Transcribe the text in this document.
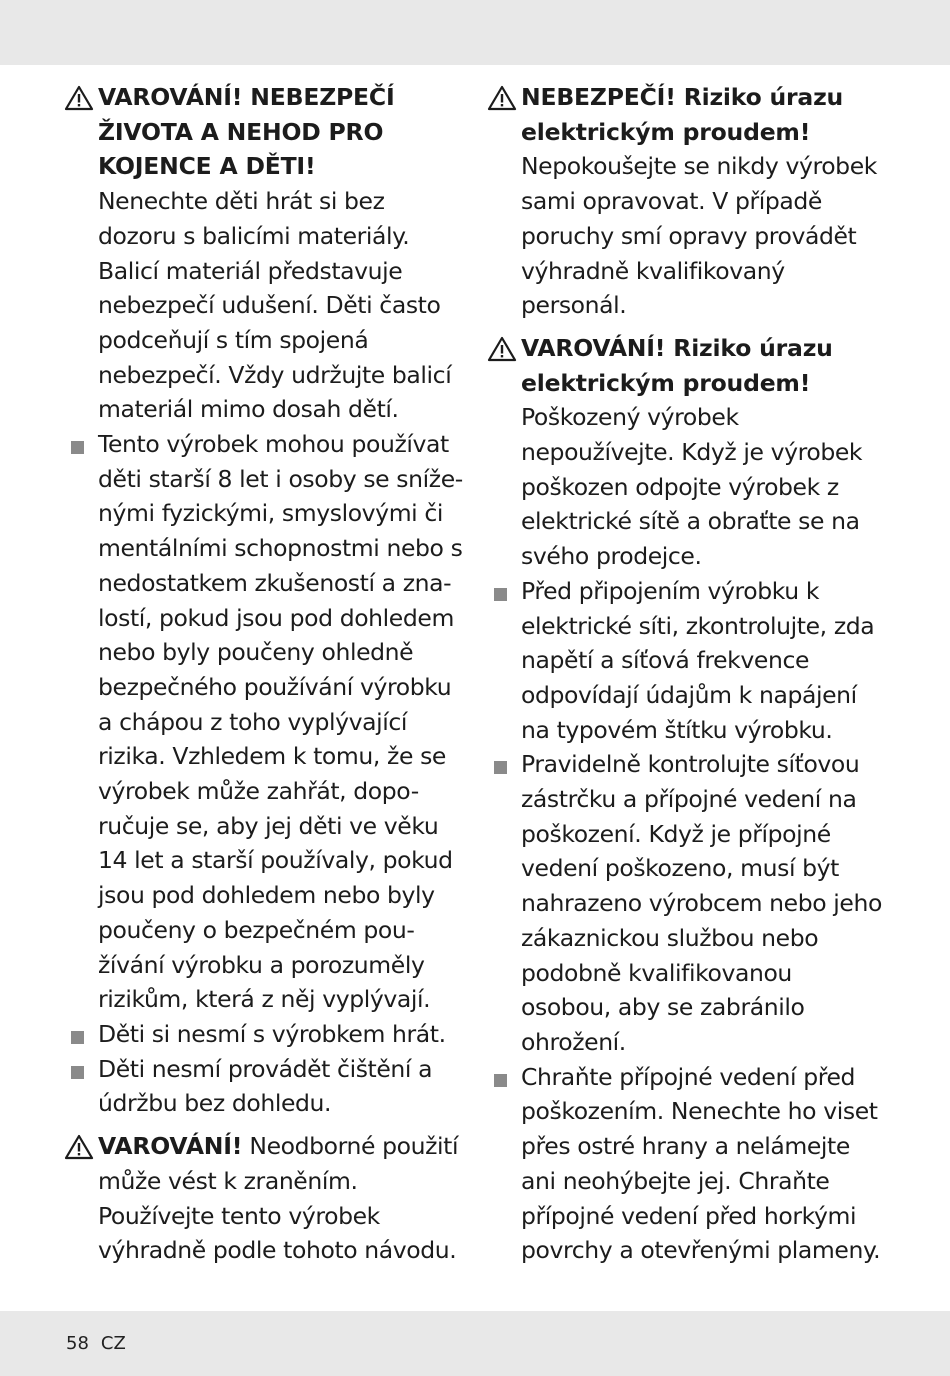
VAROVÁNÍ! NEBEZPEČÍ ŽIVOTA A NEHOD PRO KOJENCE A DĚTI!

Nenechte děti hrát si bez dozoru s balicími materiály. Balicí materiál představuje nebezpečí udušení. Děti často podceňují s tím spojená nebezpečí. Vždy udržujte balicí materiál mimo dosah dětí.

Tento výrobek mohou používat děti starší 8 let i osoby se sníže-nými fyzickými, smyslovými či mentálními schopnostmi nebo s nedostatkem zkušeností a zna-lostí, pokud jsou pod dohledem nebo byly poučeny ohledně bezpečného používání výrobku a chápou z toho vyplývající rizika. Vzhledem k tomu, že se výrobek může zahřát, dopo-ručuje se, aby jej děti ve věku 14 let a starší používaly, pokud jsou pod dohledem nebo byly poučeny o bezpečném pou-žívání výrobku a porozuměly rizikům, která z něj vyplývají.

Děti si nesmí s výrobkem hrát.

Děti nesmí provádět čištění a údržbu bez dohledu.

VAROVÁNÍ! Neodborné použití může vést k zraněním. Používejte tento výrobek výhradně podle tohoto návodu.

NEBEZPEČÍ! Riziko úrazu elektrickým proudem!

Nepokoušejte se nikdy výrobek sami opravovat. V případě poruchy smí opravy provádět výhradně kvalifikovaný personál.

VAROVÁNÍ! Riziko úrazu elektrickým proudem!

Poškozený výrobek nepoužívejte. Když je výrobek poškozen odpojte výrobek z elektrické sítě a obraťte se na svého prodejce.

Před připojením výrobku k elektrické síti, zkontrolujte, zda napětí a síťová frekvence odpovídají údajům k napájení na typovém štítku výrobku.

Pravidelně kontrolujte síťovou zástrčku a přípojné vedení na poškození. Když je přípojné vedení poškozeno, musí být nahrazeno výrobcem nebo jeho zákaznickou službou nebo podobně kvalifikovanou osobou, aby se zabránilo ohrožení.

Chraňte přípojné vedení před poškozením. Nenechte ho viset přes ostré hrany a nelámejte ani neohýbejte jej. Chraňte přípojné vedení před horkými povrchy a otevřenými plameny.

58 CZ
